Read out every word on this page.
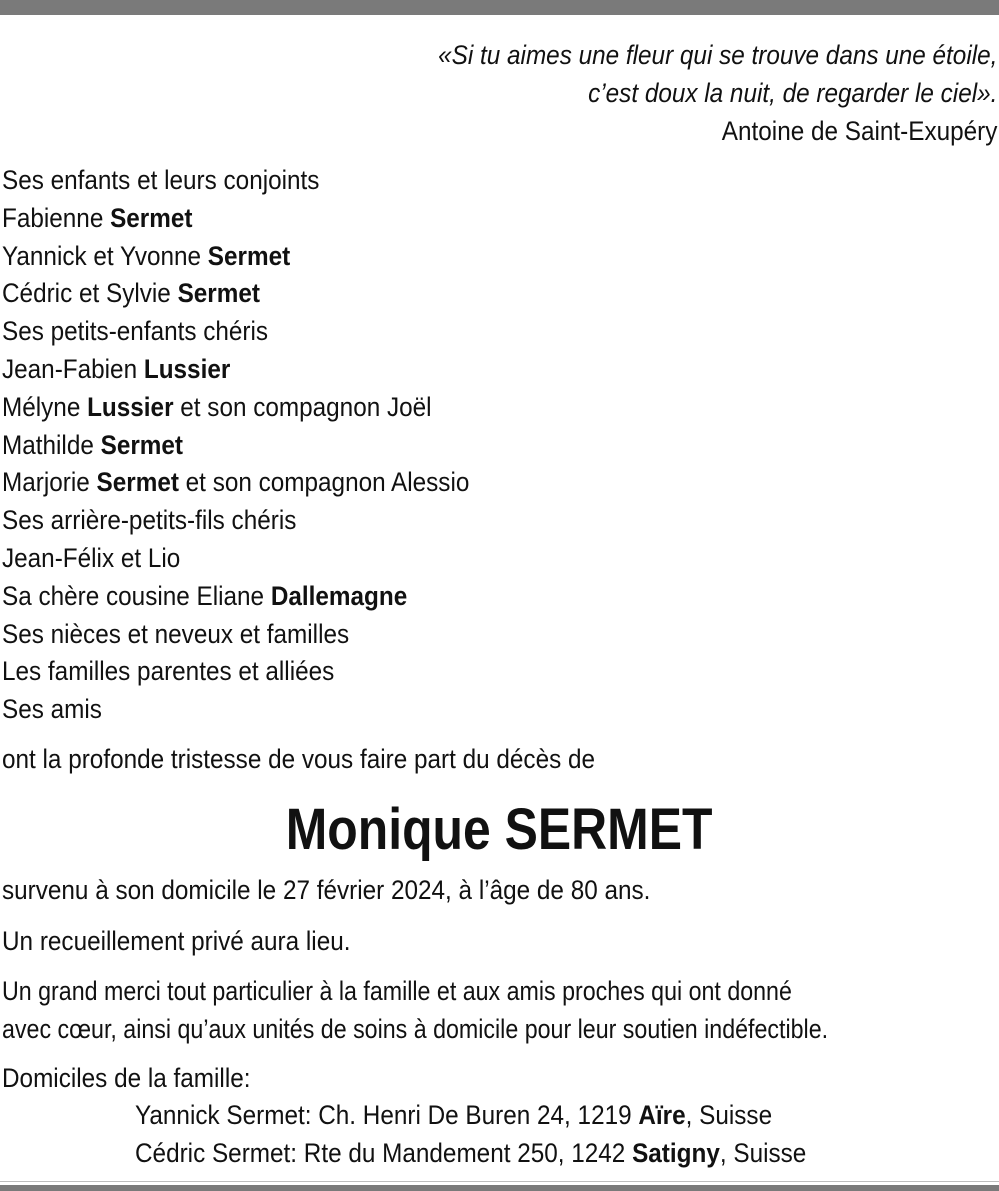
«Si tu aimes une fleur qui se trouve dans une étoile,
c’est doux la nuit, de regarder le ciel».
Antoine de Saint-Exupéry
Ses enfants et leurs conjoints
Fabienne Sermet
Yannick et Yvonne Sermet
Cédric et Sylvie Sermet
Ses petits-enfants chéris
Jean-Fabien Lussier
Mélyne Lussier et son compagnon Joël
Mathilde Sermet
Marjorie Sermet et son compagnon Alessio
Ses arrière-petits-fils chéris
Jean-Félix et Lio
Sa chère cousine Eliane Dallemagne
Ses nièces et neveux et familles
Les familles parentes et alliées
Ses amis
ont la profonde tristesse de vous faire part du décès de
Monique SERMET
survenu à son domicile le 27 février 2024, à l’âge de 80 ans.
Un recueillement privé aura lieu.
Un grand merci tout particulier à la famille et aux amis proches qui ont donné
avec cœur, ainsi qu’aux unités de soins à domicile pour leur soutien indéfectible.
Domiciles de la famille:
Yannick Sermet: Ch. Henri De Buren 24, 1219 Aïre, Suisse
Cédric Sermet: Rte du Mandement 250, 1242 Satigny, Suisse
